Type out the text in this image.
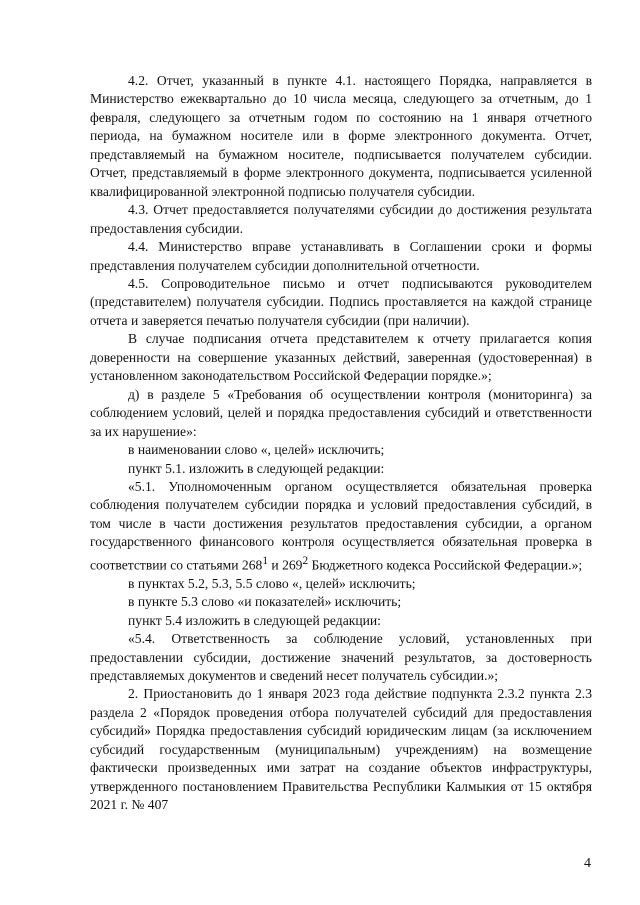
4.2. Отчет, указанный в пункте 4.1. настоящего Порядка, направляется в Министерство ежеквартально до 10 числа месяца, следующего за отчетным, до 1 февраля, следующего за отчетным годом по состоянию на 1 января отчетного периода, на бумажном носителе или в форме электронного документа. Отчет, представляемый на бумажном носителе, подписывается получателем субсидии. Отчет, представляемый в форме электронного документа, подписывается усиленной квалифицированной электронной подписью получателя субсидии.

4.3. Отчет предоставляется получателями субсидии до достижения результата предоставления субсидии.

4.4. Министерство вправе устанавливать в Соглашении сроки и формы представления получателем субсидии дополнительной отчетности.

4.5. Сопроводительное письмо и отчет подписываются руководителем (представителем) получателя субсидии. Подпись проставляется на каждой странице отчета и заверяется печатью получателя субсидии (при наличии).

В случае подписания отчета представителем к отчету прилагается копия доверенности на совершение указанных действий, заверенная (удостоверенная) в установленном законодательством Российской Федерации порядке.»;

д) в разделе 5 «Требования об осуществлении контроля (мониторинга) за соблюдением условий, целей и порядка предоставления субсидий и ответственности за их нарушение»:

в наименовании слово «, целей» исключить;

пункт 5.1. изложить в следующей редакции:

«5.1. Уполномоченным органом осуществляется обязательная проверка соблюдения получателем субсидии порядка и условий предоставления субсидий, в том числе в части достижения результатов предоставления субсидии, а органом государственного финансового контроля осуществляется обязательная проверка в соответствии со статьями $268^1$ и $269^2$ Бюджетного кодекса Российской Федерации.»;

в пунктах 5.2, 5.3, 5.5 слово «, целей» исключить;

в пункте 5.3 слово «и показателей» исключить;

пункт 5.4 изложить в следующей редакции:

«5.4. Ответственность за соблюдение условий, установленных при предоставлении субсидии, достижение значений результатов, за достоверность представляемых документов и сведений несет получатель субсидии.»;

2. Приостановить до 1 января 2023 года действие подпункта 2.3.2 пункта 2.3 раздела 2 «Порядок проведения отбора получателей субсидий для предоставления субсидий» Порядка предоставления субсидий юридическим лицам (за исключением субсидий государственным (муниципальным) учреждениям) на возмещение фактически произведенных ими затрат на создание объектов инфраструктуры, утвержденного постановлением Правительства Республики Калмыкия от 15 октября 2021 г. № 407

4
